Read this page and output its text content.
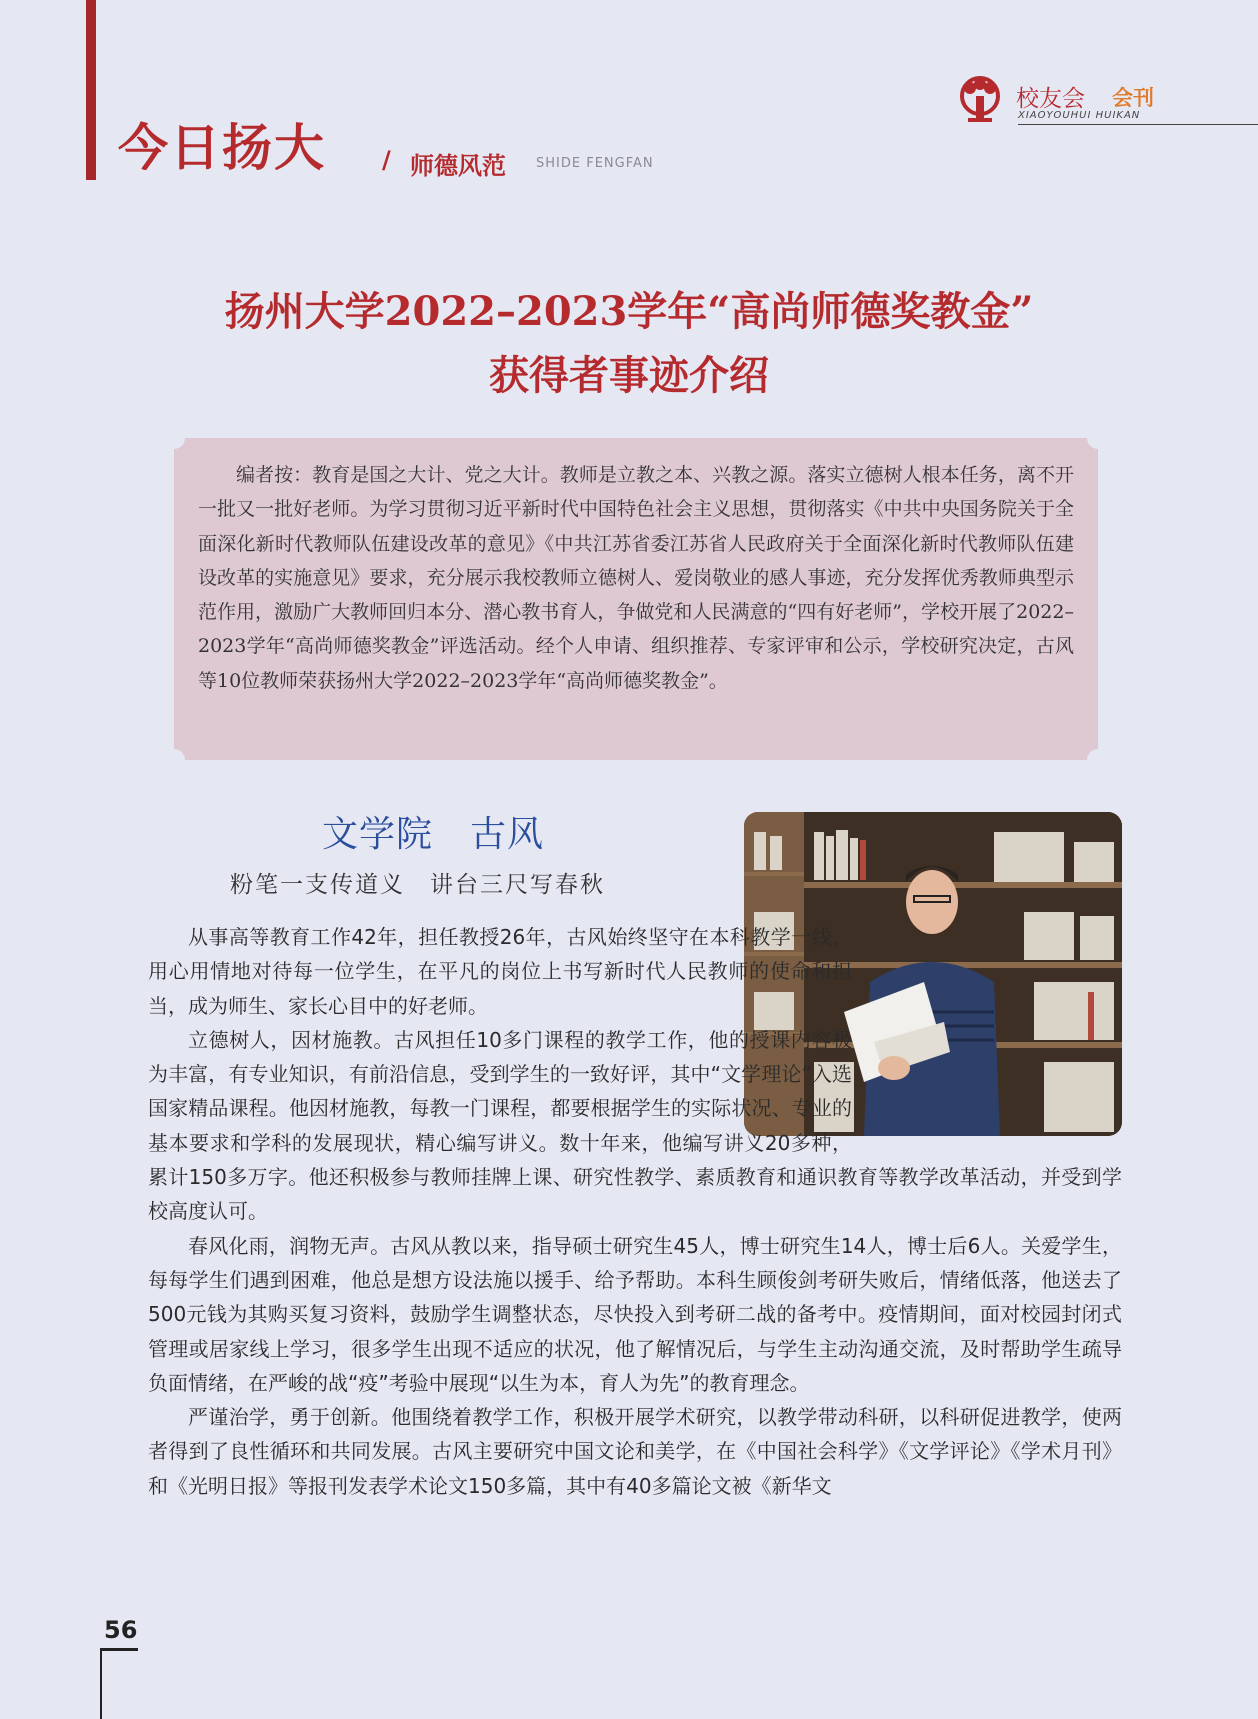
今日扬大 / 师德风范 SHIDE FENGFAN
校友会 会刊
XIAOYOUHUI HUIKAN
扬州大学2022–2023学年“高尚师德奖教金”
获得者事迹介绍
编者按：教育是国之大计、党之大计。教师是立教之本、兴教之源。落实立德树人根本任务，离不开一批又一批好老师。为学习贯彻习近平新时代中国特色社会主义思想，贯彻落实《中共中央国务院关于全面深化新时代教师队伍建设改革的意见》《中共江苏省委江苏省人民政府关于全面深化新时代教师队伍建设改革的实施意见》要求，充分展示我校教师立德树人、爱岗敬业的感人事迹，充分发挥优秀教师典型示范作用，激励广大教师回归本分、潜心教书育人，争做党和人民满意的“四有好老师”，学校开展了2022–2023学年“高尚师德奖教金”评选活动。经个人申请、组织推荐、专家评审和公示，学校研究决定，古风等10位教师荣获扬州大学2022–2023学年“高尚师德奖教金”。
文学院　古风
粉笔一支传道义　讲台三尺写春秋

从事高等教育工作42年，担任教授26年，古风始终坚守在本科教学一线，用心用情地对待每一位学生，在平凡的岗位上书写新时代人民教师的使命和担当，成为师生、家长心目中的好老师。

立德树人，因材施教。古风担任10多门课程的教学工作，他的授课内容极为丰富，有专业知识，有前沿信息，受到学生的一致好评，其中“文学理论”入选国家精品课程。他因材施教，每教一门课程，都要根据学生的实际状况、专业的基本要求和学科的发展现状，精心编写讲义。数十年来，他编写讲义20多种，累计150多万字。他还积极参与教师挂牌上课、研究性教学、素质教育和通识教育等教学改革活动，并受到学校高度认可。

春风化雨，润物无声。古风从教以来，指导硕士研究生45人，博士研究生14人，博士后6人。关爱学生，每每学生们遇到困难，他总是想方设法施以援手、给予帮助。本科生顾俊剑考研失败后，情绪低落，他送去了500元钱为其购买复习资料，鼓励学生调整状态，尽快投入到考研二战的备考中。疫情期间，面对校园封闭式管理或居家线上学习，很多学生出现不适应的状况，他了解情况后，与学生主动沟通交流，及时帮助学生疏导负面情绪，在严峻的战“疫”考验中展现“以生为本，育人为先”的教育理念。

严谨治学，勇于创新。他围绕着教学工作，积极开展学术研究，以教学带动科研，以科研促进教学，使两者得到了良性循环和共同发展。古风主要研究中国文论和美学，在《中国社会科学》《文学评论》《学术月刊》和《光明日报》等报刊发表学术论文150多篇，其中有40多篇论文被《新华文

56
